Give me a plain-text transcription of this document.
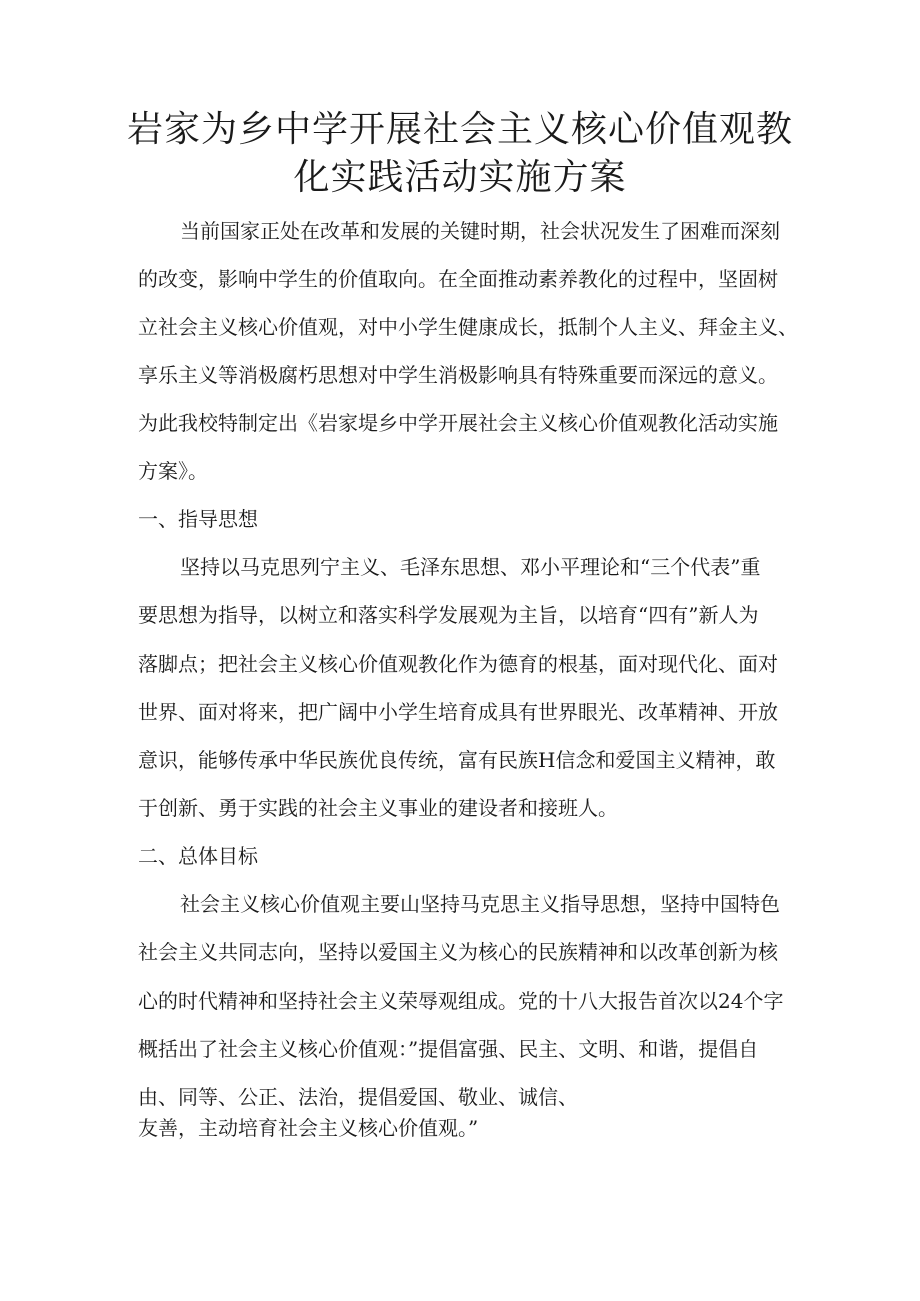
岩家为乡中学开展社会主义核心价值观教
化实践活动实施方案

当前国家正处在改革和发展的关键时期，社会状况发生了困难而深刻

的改变，影响中学生的价值取向。在全面推动素养教化的过程中，坚固树

立社会主义核心价值观，对中小学生健康成长，抵制个人主义、拜金主义、

享乐主义等消极腐朽思想对中学生消极影响具有特殊重要而深远的意义。

为此我校特制定出《岩家堤乡中学开展社会主义核心价值观教化活动实施

方案》。

一、指导思想

坚持以马克思列宁主义、毛泽东思想、邓小平理论和“三个代表”重

要思想为指导，以树立和落实科学发展观为主旨，以培育“四有”新人为

落脚点；把社会主义核心价值观教化作为德育的根基，面对现代化、面对

世界、面对将来，把广阔中小学生培育成具有世界眼光、改革精神、开放

意识，能够传承中华民族优良传统，富有民族H信念和爱国主义精神，敢

于创新、勇于实践的社会主义事业的建设者和接班人。

二、总体目标

社会主义核心价值观主要山坚持马克思主义指导思想，坚持中国特色

社会主义共同志向，坚持以爱国主义为核心的民族精神和以改革创新为核

心的时代精神和坚持社会主义荣辱观组成。党的十八大报告首次以24个字

概括出了社会主义核心价值观：”提倡富强、民主、文明、和谐，提倡自

由、同等、公正、法治，提倡爱国、敬业、诚信、

友善，主动培育社会主义核心价值观。”
